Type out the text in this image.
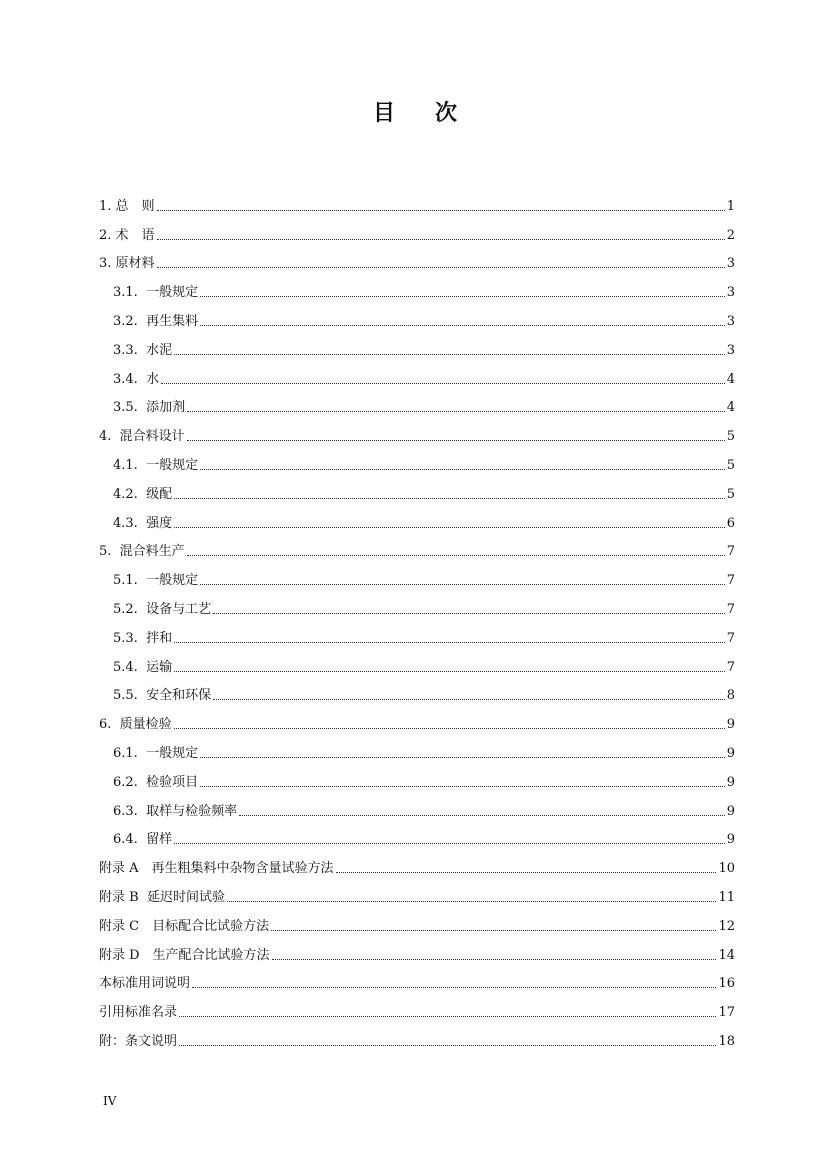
目次
1. 总　则	1
2. 术　语	2
3. 原材料	3
3.1.  一般规定	3
3.2.  再生集料	3
3.3.  水泥	3
3.4.  水	4
3.5.  添加剂	4
4.  混合料设计	5
4.1.  一般规定	5
4.2.  级配	5
4.3.  强度	6
5.  混合料生产	7
5.1.  一般规定	7
5.2.  设备与工艺	7
5.3.  拌和	7
5.4.  运输	7
5.5.  安全和环保	8
6.  质量检验	9
6.1.  一般规定	9
6.2.  检验项目	9
6.3.  取样与检验频率	9
6.4.  留样	9
附录 A　再生粗集料中杂物含量试验方法	10
附录 B  延迟时间试验	11
附录 C　目标配合比试验方法	12
附录 D　生产配合比试验方法	14
本标准用词说明	16
引用标准名录	17
附：条文说明	18
IV
